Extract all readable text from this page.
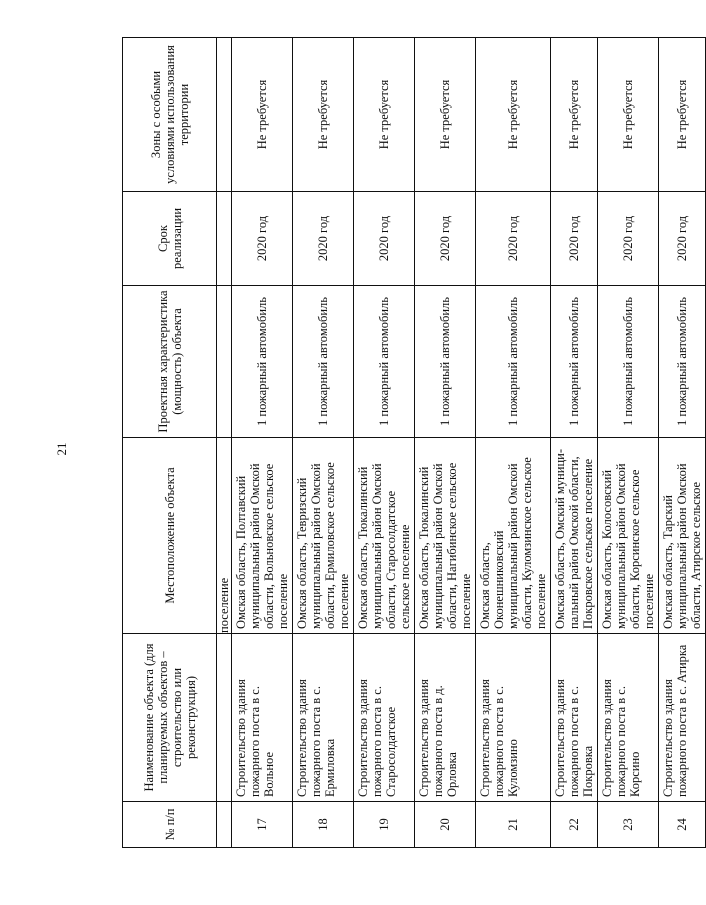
21
№ п/п	Наименование объекта (для планируемых объектов – строительство или реконструкция)	Местоположение объекта	Проектная характеристика (мощность) объекта	Срок реализации	Зоны с особыми условиями использования территории
		поселение			
17	Строительство здания пожарного поста в с. Вольное	Омская область, Полтавский муниципальный район Омской области, Вольновское сельское поселение	1 пожарный автомобиль	2020 год	Не требуется
18	Строительство здания пожарного поста в с. Ермиловка	Омская область, Тевризский муниципальный район Омской области, Ермиловское сельское поселение	1 пожарный автомобиль	2020 год	Не требуется
19	Строительство здания пожарного поста в с. Старосолдатское	Омская область, Тюкалинский муниципальный район Омской области, Старосолдатское сельское поселение	1 пожарный автомобиль	2020 год	Не требуется
20	Строительство здания пожарного поста в д. Орловка	Омская область, Тюкалинский муниципальный район Омской области, Нагибинское сельское поселение	1 пожарный автомобиль	2020 год	Не требуется
21	Строительство здания пожарного поста в с. Куломзино	Омская область, Оконешниковский муниципальный район Омской области, Куломзинское сельское поселение	1 пожарный автомобиль	2020 год	Не требуется
22	Строительство здания пожарного поста в с. Покровка	Омская область, Омский муниципальный район Омской области, Покровское сельское поселение	1 пожарный автомобиль	2020 год	Не требуется
23	Строительство здания пожарного поста в с. Корсино	Омская область, Колосовский муниципальный район Омской области, Корсинское сельское поселение	1 пожарный автомобиль	2020 год	Не требуется
24	Строительство здания пожарного поста в с. Атирка	Омская область, Тарский муниципальный район Омской области, Атирское сельское	1 пожарный автомобиль	2020 год	Не требуется
